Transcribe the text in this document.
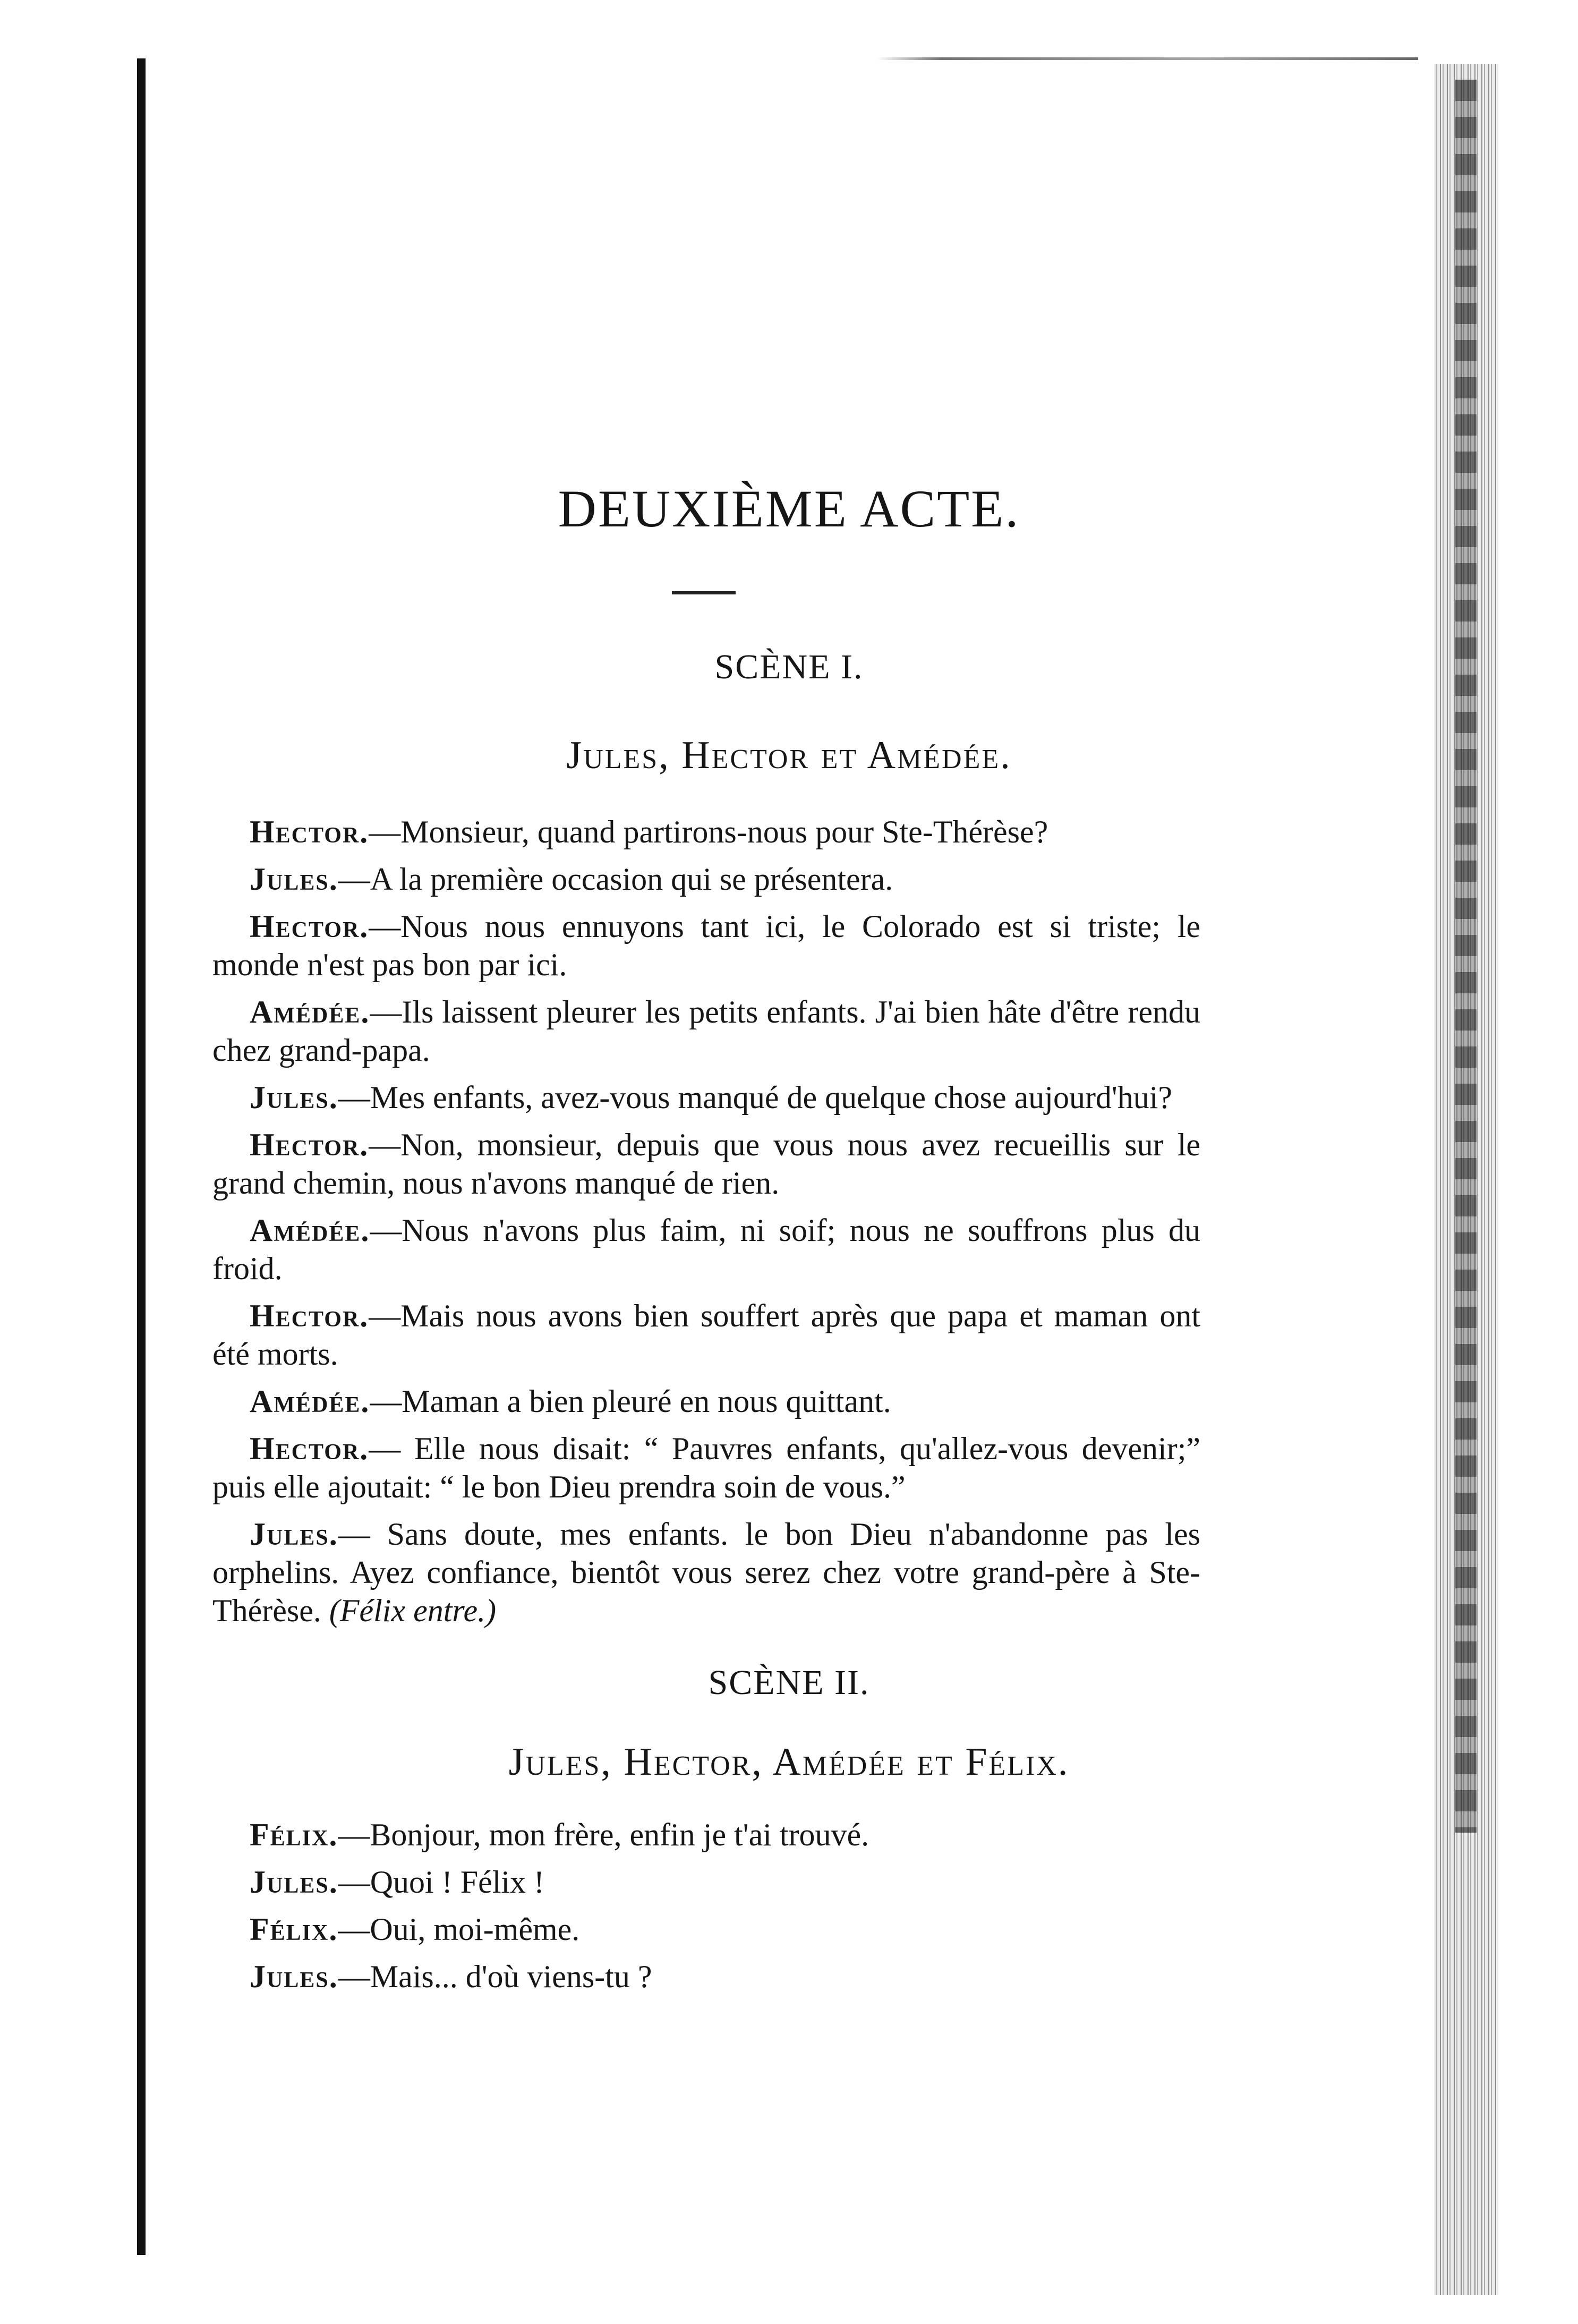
DEUXIÈME ACTE.
SCÈNE I.
Jules, Hector et Amédée.

Hector.—Monsieur, quand partirons-nous pour Ste-Thérèse?

Jules.—A la première occasion qui se présentera.

Hector.—Nous nous ennuyons tant ici, le Colorado est si triste; le monde n'est pas bon par ici.

Amédée.—Ils laissent pleurer les petits enfants. J'ai bien hâte d'être rendu chez grand-papa.

Jules.—Mes enfants, avez-vous manqué de quelque chose aujourd'hui?

Hector.—Non, monsieur, depuis que vous nous avez recueillis sur le grand chemin, nous n'avons manqué de rien.

Amédée.—Nous n'avons plus faim, ni soif; nous ne souffrons plus du froid.

Hector.—Mais nous avons bien souffert après que papa et maman ont été morts.

Amédée.—Maman a bien pleuré en nous quittant.

Hector.— Elle nous disait: “ Pauvres enfants, qu'allez-vous devenir;” puis elle ajoutait: “ le bon Dieu prendra soin de vous.”

Jules.— Sans doute, mes enfants. le bon Dieu n'abandonne pas les orphelins. Ayez confiance, bientôt vous serez chez votre grand-père à Ste-Thérèse. (Félix entre.)

SCÈNE II.
Jules, Hector, Amédée et Félix.

Félix.—Bonjour, mon frère, enfin je t'ai trouvé.

Jules.—Quoi ! Félix !

Félix.—Oui, moi-même.

Jules.—Mais... d'où viens-tu ?
